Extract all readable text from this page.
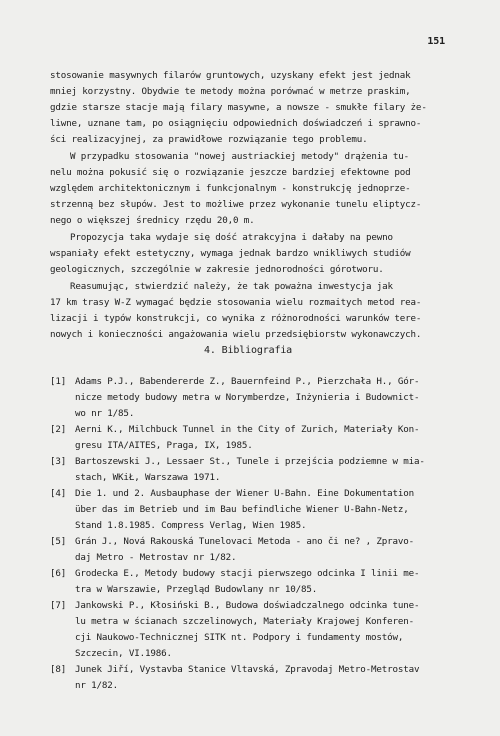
151
stosowanie masywnych filarów gruntowych, uzyskany efekt jest jednak
mniej korzystny. Obydwie te metody można porównać w metrze praskim,
gdzie starsze stacje mają filary masywne, a nowsze - smukłe filary że-
liwne, uznane tam, po osiągnięciu odpowiednich doświadczeń i sprawno-
ści realizacyjnej, za prawidłowe rozwiązanie tego problemu.
W przypadku stosowania "nowej austriackiej metody" drążenia tu-
nelu można pokusić się o rozwiązanie jeszcze bardziej efektowne pod
względem architektonicznym i funkcjonalnym - konstrukcję jednoprze-
strzenną bez słupów. Jest to możliwe przez wykonanie tunelu eliptycz-
nego o większej średnicy rzędu 20,0 m.
Propozycja taka wydaje się dość atrakcyjna i dałaby na pewno
wspaniały efekt estetyczny, wymaga jednak bardzo wnikliwych studiów
geologicznych, szczególnie w zakresie jednorodności górotworu.
Reasumując, stwierdzić należy, że tak poważna inwestycja jak
17 km trasy W-Z wymagać będzie stosowania wielu rozmaitych metod rea-
lizacji i typów konstrukcji, co wynika z różnorodności warunków tere-
nowych i konieczności angażowania wielu przedsiębiorstw wykonawczych.
4. Bibliografia
[1] Adams P.J., Babendererde Z., Bauernfeind P., Pierzchała H., Gór-
nicze metody budowy metra w Norymberdze, Inżynieria i Budownict-
wo nr 1/85.
[2] Aerni K., Milchbuck Tunnel in the City of Zurich, Materiały Kon-
gresu ITA/AITES, Praga, IX, 1985.
[3] Bartoszewski J., Lessaer St., Tunele i przejścia podziemne w mia-
stach, WKiŁ, Warszawa 1971.
[4] Die 1. und 2. Ausbauphase der Wiener U-Bahn. Eine Dokumentation
über das im Betrieb und im Bau befindliche Wiener U-Bahn-Netz,
Stand 1.8.1985. Compress Verlag, Wien 1985.
[5] Grán J., Nová Rakouská Tunelovaci Metoda - ano či ne? , Zpravo-
daj Metro - Metrostav nr 1/82.
[6] Grodecka E., Metody budowy stacji pierwszego odcinka I linii me-
tra w Warszawie, Przegląd Budowlany nr 10/85.
[7] Jankowski P., Kłosiński B., Budowa doświadczalnego odcinka tune-
lu metra w ścianach szczelinowych, Materiały Krajowej Konferen-
cji Naukowo-Technicznej SITK nt. Podpory i fundamenty mostów,
Szczecin, VI.1986.
[8] Junek Jiří, Vystavba Stanice Vltavská, Zpravodaj Metro-Metrostav
nr 1/82.
